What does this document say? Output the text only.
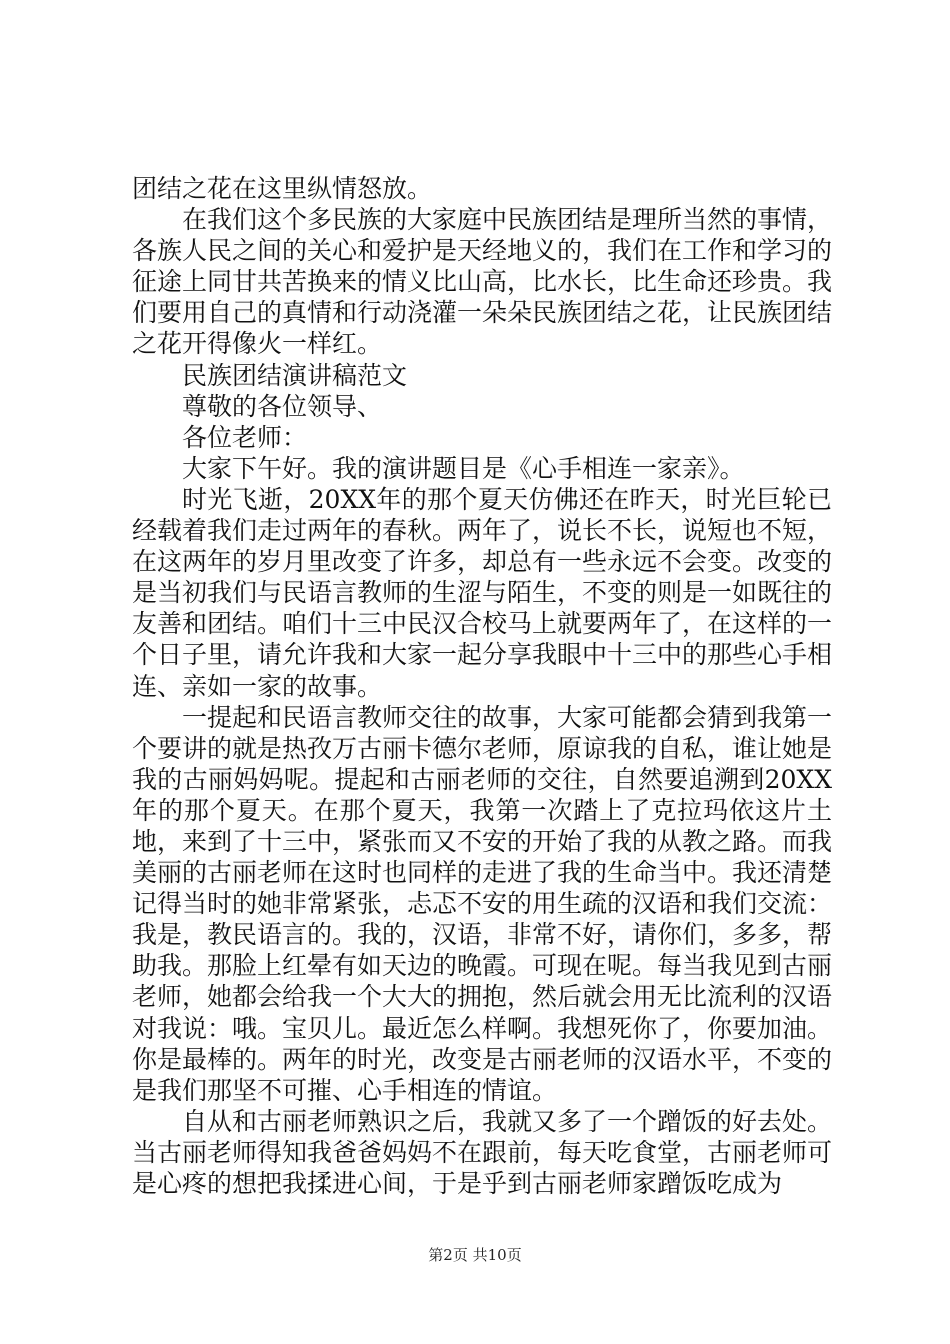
团结之花在这里纵情怒放。

在我们这个多民族的大家庭中民族团结是理所当然的事情，各族人民之间的关心和爱护是天经地义的，我们在工作和学习的征途上同甘共苦换来的情义比山高，比水长，比生命还珍贵。我们要用自己的真情和行动浇灌一朵朵民族团结之花，让民族团结之花开得像火一样红。

民族团结演讲稿范文

尊敬的各位领导、

各位老师：

大家下午好。我的演讲题目是《心手相连一家亲》。

时光飞逝，20XX年的那个夏天仿佛还在昨天，时光巨轮已经载着我们走过两年的春秋。两年了，说长不长，说短也不短，在这两年的岁月里改变了许多，却总有一些永远不会变。改变的是当初我们与民语言教师的生涩与陌生，不变的则是一如既往的友善和团结。咱们十三中民汉合校马上就要两年了，在这样的一个日子里，请允许我和大家一起分享我眼中十三中的那些心手相连、亲如一家的故事。

一提起和民语言教师交往的故事，大家可能都会猜到我第一个要讲的就是热孜万古丽卡德尔老师，原谅我的自私，谁让她是我的古丽妈妈呢。提起和古丽老师的交往，自然要追溯到20XX年的那个夏天。在那个夏天，我第一次踏上了克拉玛依这片土地，来到了十三中，紧张而又不安的开始了我的从教之路。而我美丽的古丽老师在这时也同样的走进了我的生命当中。我还清楚记得当时的她非常紧张，忐忑不安的用生疏的汉语和我们交流：我是，教民语言的。我的，汉语，非常不好，请你们，多多，帮助我。那脸上红晕有如天边的晚霞。可现在呢。每当我见到古丽老师，她都会给我一个大大的拥抱，然后就会用无比流利的汉语对我说：哦。宝贝儿。最近怎么样啊。我想死你了，你要加油。你是最棒的。两年的时光，改变是古丽老师的汉语水平，不变的是我们那坚不可摧、心手相连的情谊。

自从和古丽老师熟识之后，我就又多了一个蹭饭的好去处。当古丽老师得知我爸爸妈妈不在跟前，每天吃食堂，古丽老师可是心疼的想把我揉进心间，于是乎到古丽老师家蹭饭吃成为

第2页 共10页
